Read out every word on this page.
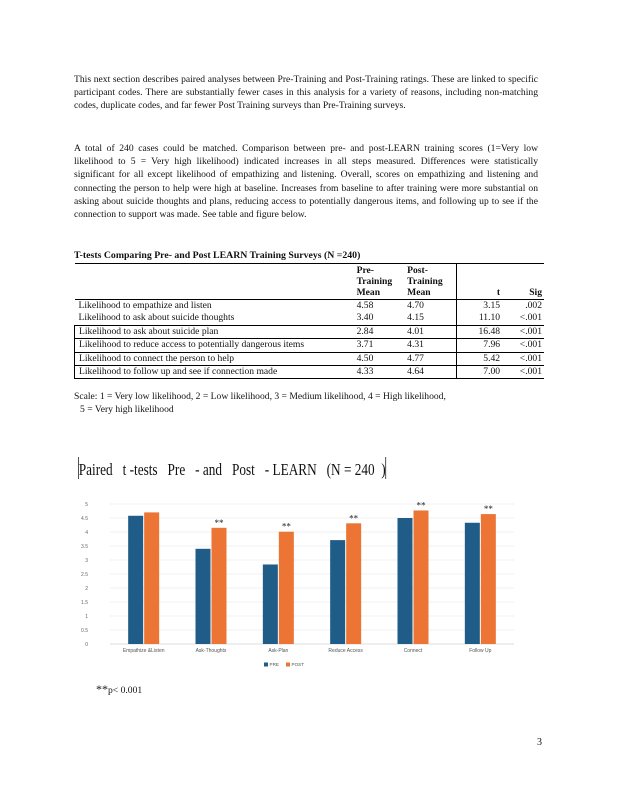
This next section describes paired analyses between Pre-Training and Post-Training ratings. These are linked to specific participant codes. There are substantially fewer cases in this analysis for a variety of reasons, including non-matching codes, duplicate codes, and far fewer Post Training surveys than Pre-Training surveys.
A total of 240 cases could be matched. Comparison between pre- and post-LEARN training scores (1=Very low likelihood to 5 = Very high likelihood) indicated increases in all steps measured. Differences were statistically significant for all except likelihood of empathizing and listening. Overall, scores on empathizing and listening and connecting the person to help were high at baseline. Increases from baseline to after training were more substantial on asking about suicide thoughts and plans, reducing access to potentially dangerous items, and following up to see if the connection to support was made. See table and figure below.
T-tests Comparing Pre- and Post LEARN Training Surveys (N =240)
	Pre-
Training
Mean	Post-
Training
Mean	t	Sig
Likelihood to empathize and listen	4.58	4.70	3.15	.002
Likelihood to ask about suicide thoughts	3.40	4.15	11.10	<.001
Likelihood to ask about suicide plan	2.84	4.01	16.48	<.001
Likelihood to reduce access to potentially dangerous items	3.71	4.31	7.96	<.001
Likelihood to connect the person to help	4.50	4.77	5.42	<.001
Likelihood to follow up and see if connection made	4.33	4.64	7.00	<.001
Scale: 1 = Very low likelihood, 2 = Low likelihood, 3 = Medium likelihood, 4 = High likelihood,
5 = Very high likelihood
Paired   t -tests   Pre   - and   Post   - LEARN   (N = 240  )
0
0.5
1
1.5
2
2.5
3
3.5
4
4.5
5
Empathize &Listen
**
Ask-Thoughts
**
Ask-Plan
**
Reduce Access
**
Connect
**
Follow Up
PRE	POST
**p< 0.001
3
